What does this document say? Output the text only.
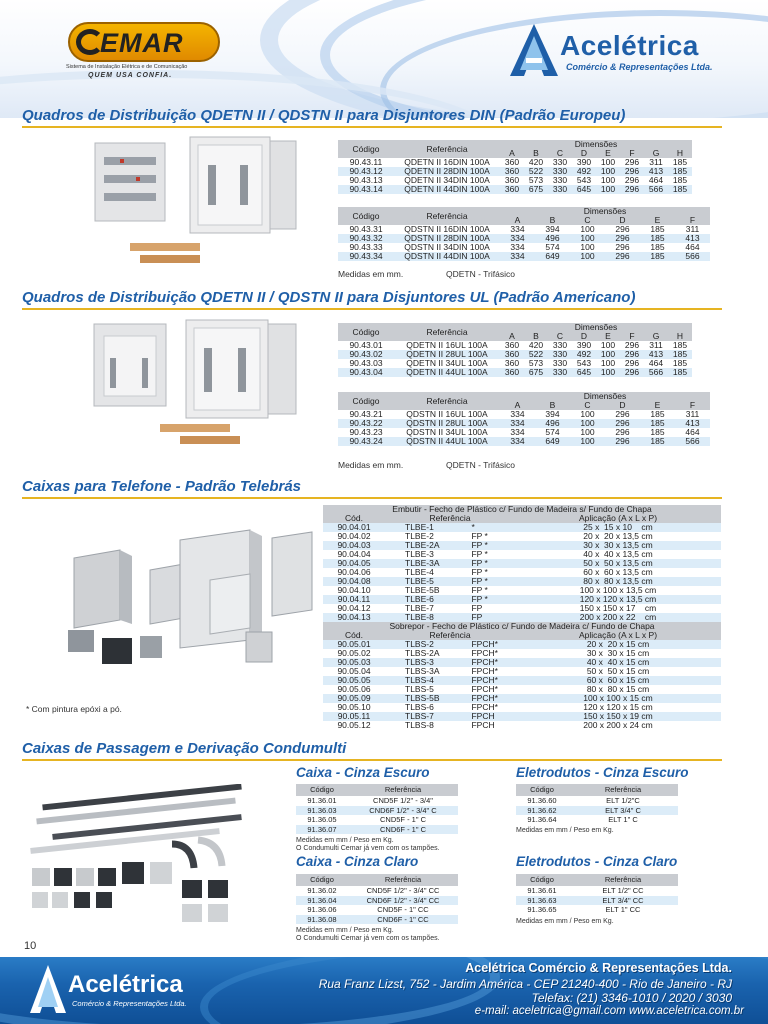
EMAR
Sistema de Instalação Elétrica e de Comunicação
QUEM USA CONFIA.
Acelétrica
Comércio & Representações Ltda.
Quadros de Distribuição QDETN II / QDSTN II para Disjuntores DIN (Padrão Europeu)
Código	Referência	Dimensões							
		A	B	C	D	E	F	G	H
90.43.11	QDETN II 16DIN 100A	360	420	330	390	100	296	311	185
90.43.12	QDETN II 28DIN 100A	360	522	330	492	100	296	413	185
90.43.13	QDETN II 34DIN 100A	360	573	330	543	100	296	464	185
90.43.14	QDETN II 44DIN 100A	360	675	330	645	100	296	566	185
Código	Referência	Dimensões					
		A	B	C	D	E	F
90.43.31	QDSTN II 16DIN 100A	334	394	100	296	185	311
90.43.32	QDSTN II 28DIN 100A	334	496	100	296	185	413
90.43.33	QDSTN II 34DIN 100A	334	574	100	296	185	464
90.43.34	QDSTN II 44DIN 100A	334	649	100	296	185	566
Medidas em mm.	QDETN - Trifásico
Quadros de Distribuição QDETN II / QDSTN II para Disjuntores UL (Padrão Americano)
Código	Referência	Dimensões							
		A	B	C	D	E	F	G	H
90.43.01	QDETN II 16UL 100A	360	420	330	390	100	296	311	185
90.43.02	QDETN II 28UL 100A	360	522	330	492	100	296	413	185
90.43.03	QDETN II 34UL 100A	360	573	330	543	100	296	464	185
90.43.04	QDETN II 44UL 100A	360	675	330	645	100	296	566	185
Código	Referência	Dimensões					
		A	B	C	D	E	F
90.43.21	QDSTN II 16UL 100A	334	394	100	296	185	311
90.43.22	QDSTN II 28UL 100A	334	496	100	296	185	413
90.43.23	QDSTN II 34UL 100A	334	574	100	296	185	464
90.43.24	QDSTN II 44UL 100A	334	649	100	296	185	566
Medidas em mm.	QDETN - Trifásico
Caixas para Telefone - Padrão Telebrás
* Com pintura epóxi a pó.
Embutir - Fecho de Plástico c/ Fundo de Madeira s/ Fundo de Chapa			
Cód.	Referência		Aplicação (A x L x P)
90.04.01	TLBE-1	*	25 x  15 x 10    cm
90.04.02	TLBE-2	FP *	20 x  20 x 13,5 cm
90.04.03	TLBE-2A	FP *	30 x  30 x 13,5 cm
90.04.04	TLBE-3	FP *	40 x  40 x 13,5 cm
90.04.05	TLBE-3A	FP *	50 x  50 x 13,5 cm
90.04.06	TLBE-4	FP *	60 x  60 x 13,5 cm
90.04.08	TLBE-5	FP *	80 x  80 x 13,5 cm
90.04.10	TLBE-5B	FP *	100 x 100 x 13,5 cm
90.04.11	TLBE-6	FP *	120 x 120 x 13,5 cm
90.04.12	TLBE-7	FP	150 x 150 x 17    cm
90.04.13	TLBE-8	FP	200 x 200 x 22    cm
Sobrepor - Fecho de Plástico c/ Fundo de Madeira c/ Fundo de Chapa			
Cód.	Referência		Aplicação (A x L x P)
90.05.01	TLBS-2	FPCH*	20 x  20 x 15 cm
90.05.02	TLBS-2A	FPCH*	30 x  30 x 15 cm
90.05.03	TLBS-3	FPCH*	40 x  40 x 15 cm
90.05.04	TLBS-3A	FPCH*	50 x  50 x 15 cm
90.05.05	TLBS-4	FPCH*	60 x  60 x 15 cm
90.05.06	TLBS-5	FPCH*	80 x  80 x 15 cm
90.05.09	TLBS-5B	FPCH*	100 x 100 x 15 cm
90.05.10	TLBS-6	FPCH*	120 x 120 x 15 cm
90.05.11	TLBS-7	FPCH	150 x 150 x 19 cm
90.05.12	TLBS-8	FPCH	200 x 200 x 24 cm
Caixas de Passagem e Derivação Condumulti
Caixa - Cinza Escuro
Código	Referência
91.36.01	CND5F 1/2" - 3/4"
91.36.03	CND6F 1/2" - 3/4" C
91.36.05	CND5F - 1" C
91.36.07	CND6F - 1" C
Medidas em mm / Peso em Kg.
O Condumulti Cemar já vem com os tampões.
Caixa - Cinza Claro
Código	Referência
91.36.02	CND5F 1/2" - 3/4" CC
91.36.04	CND6F 1/2" - 3/4" CC
91.36.06	CND5F - 1" CC
91.36.08	CND6F - 1" CC
Medidas em mm / Peso em Kg.
O Condumulti Cemar já vem com os tampões.
Eletrodutos - Cinza Escuro
Código	Referência
91.36.60	ELT 1/2"C
91.36.62	ELT 3/4" C
91.36.64	ELT 1" C
Medidas em mm / Peso em Kg.
Eletrodutos - Cinza Claro
Código	Referência
91.36.61	ELT 1/2" CC
91.36.63	ELT 3/4" CC
91.36.65	ELT 1" CC
Medidas em mm / Peso em Kg.
10
Acelétrica
Comércio & Representações Ltda.
Acelétrica Comércio & Representações Ltda.
Rua Franz Lizst, 752 - Jardim América - CEP 21240-400 - Rio de Janeiro - RJ
Telefax: (21) 3346-1010 / 2020 / 3030
e-mail: aceletrica@gmail.com www.aceletrica.com.br
